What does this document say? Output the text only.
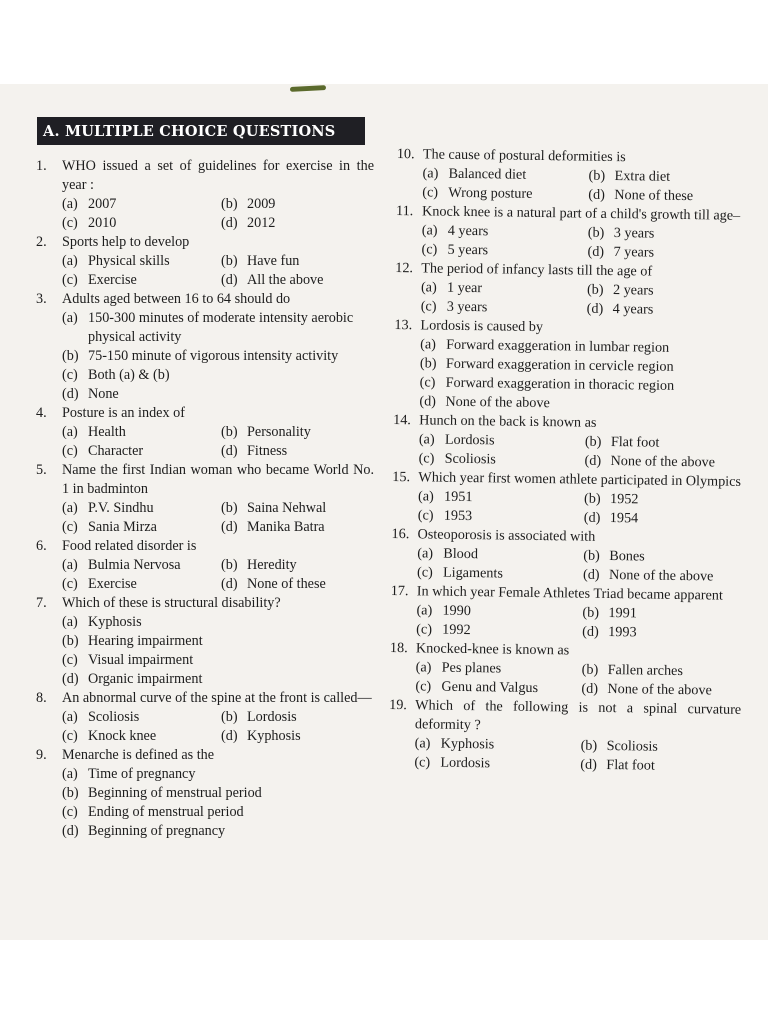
A. MULTIPLE CHOICE QUESTIONS
1.	WHO issued a set of guidelines for exercise in the year :
(a) 2007	(b) 2009
(c) 2010	(d) 2012
2.	Sports help to develop
(a) Physical skills	(b) Have fun
(c) Exercise	(d) All the above
3.	Adults aged between 16 to 64 should do
(a) 150-300 minutes of moderate intensity aerobic physical activity
(b) 75-150 minute of vigorous intensity activity
(c) Both (a) & (b)
(d) None
4.	Posture is an index of
(a) Health	(b) Personality
(c) Character	(d) Fitness
5.	Name the first Indian woman who became World No. 1 in badminton
(a) P.V. Sindhu	(b) Saina Nehwal
(c) Sania Mirza	(d) Manika Batra
6.	Food related disorder is
(a) Bulmia Nervosa	(b) Heredity
(c) Exercise	(d) None of these
7.	Which of these is structural disability?
(a) Kyphosis
(b) Hearing impairment
(c) Visual impairment
(d) Organic impairment
8.	An abnormal curve of the spine at the front is called—
(a) Scoliosis	(b) Lordosis
(c) Knock knee	(d) Kyphosis
9.	Menarche is defined as the
(a) Time of pregnancy
(b) Beginning of menstrual period
(c) Ending of menstrual period
(d) Beginning of pregnancy
10. The cause of postural deformities is
(a) Balanced diet	(b) Extra diet
(c) Wrong posture	(d) None of these
11. Knock knee is a natural part of a child's growth till age–
(a) 4 years	(b) 3 years
(c) 5 years	(d) 7 years
12. The period of infancy lasts till the age of
(a) 1 year	(b) 2 years
(c) 3 years	(d) 4 years
13. Lordosis is caused by
(a) Forward exaggeration in lumbar region
(b) Forward exaggeration in cervicle region
(c) Forward exaggeration in thoracic region
(d) None of the above
14. Hunch on the back is known as
(a) Lordosis	(b) Flat foot
(c) Scoliosis	(d) None of the above
15. Which year first women athlete participated in Olympics
(a) 1951	(b) 1952
(c) 1953	(d) 1954
16. Osteoporosis is associated with
(a) Blood	(b) Bones
(c) Ligaments	(d) None of the above
17. In which year Female Athletes Triad became apparent
(a) 1990	(b) 1991
(c) 1992	(d) 1993
18. Knocked-knee is known as
(a) Pes planes	(b) Fallen arches
(c) Genu and Valgus	(d) None of the above
19. Which of the following is not a spinal curvature deformity ?
(a) Kyphosis	(b) Scoliosis
(c) Lordosis	(d) Flat foot
